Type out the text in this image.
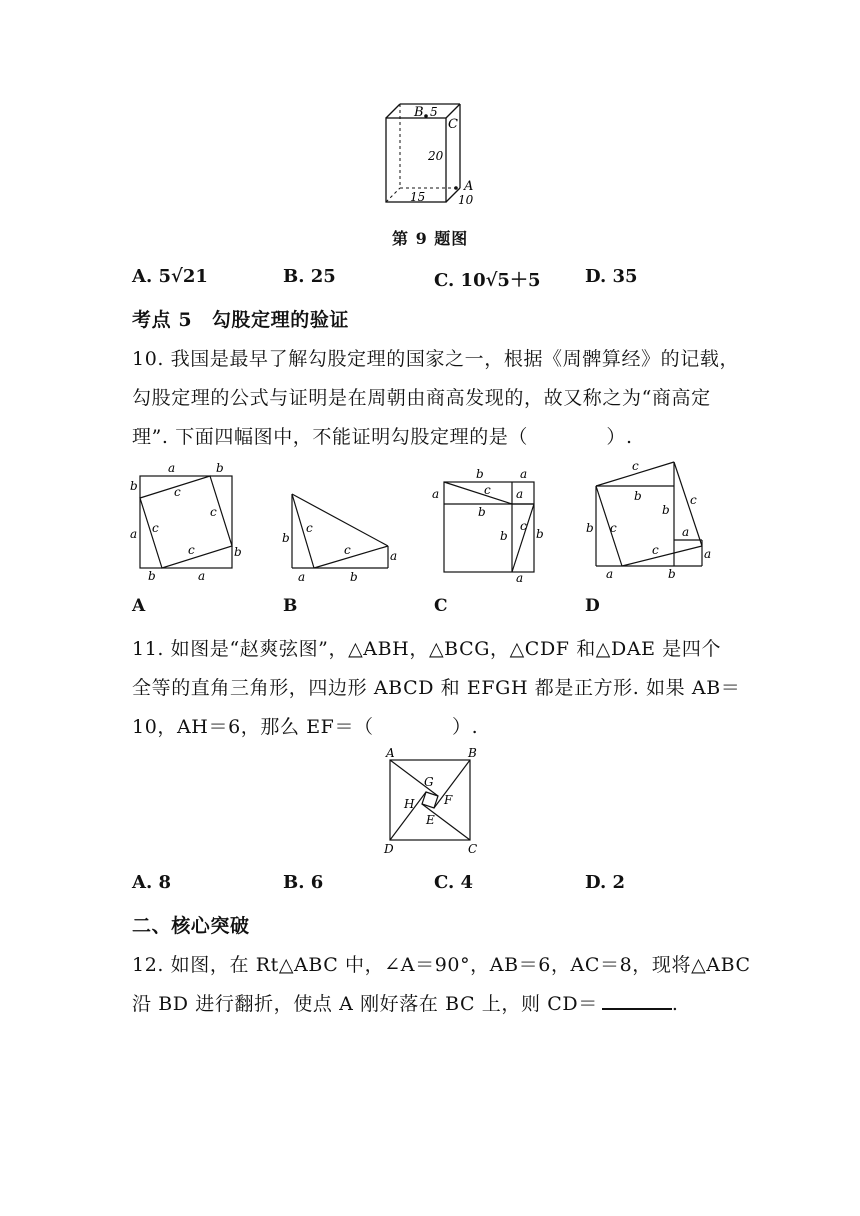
B 5
C
20
15
A
10
第 9 题图
A. 5√21	B. 25	C. 10√5＋5 D. 35
考点 5　勾股定理的验证
10. 我国是最早了解勾股定理的国家之一，根据《周髀算经》的记载，
勾股定理的公式与证明是在周朝由商高发现的，故又称之为“商高定
理”. 下面四幅图中，不能证明勾股定理的是（　　　　）.
a	b
b
a
c
c
c
c	b
b	a
b
c
c	a
a	b
b	a
a	c a
b
b
c
b
a
c
b	c
b
b c
c
a
a
a	b
A	B	C	D
11. 如图是“赵爽弦图”，△ABH，△BCG，△CDF 和△DAE 是四个
全等的直角三角形，四边形 ABCD 和 EFGH 都是正方形. 如果 AB＝
10，AH＝6，那么 EF＝（　　　　）.
A	B
C
D
G
F
H
E
A. 8	B. 6	C. 4	D. 2
二、核心突破
12. 如图，在 Rt△ABC 中，∠A＝90°，AB＝6，AC＝8，现将△ABC
沿 BD 进行翻折，使点 A 刚好落在 BC 上，则 CD＝	.
